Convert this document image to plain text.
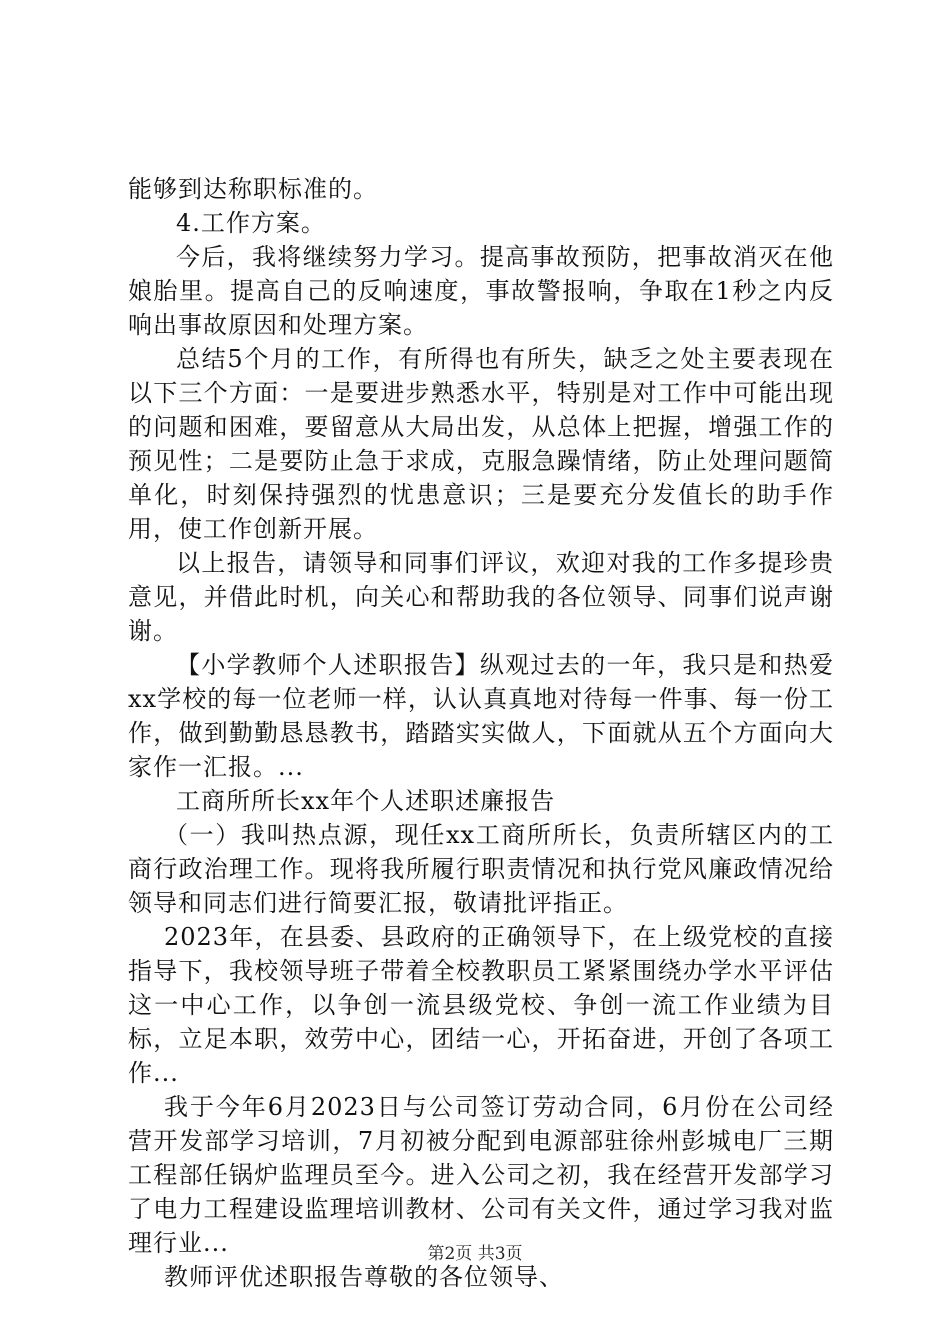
能够到达称职标准的。

4.工作方案。

今后，我将继续努力学习。提高事故预防，把事故消灭在他娘胎里。提高自己的反响速度，事故警报响，争取在1秒之内反响出事故原因和处理方案。

总结5个月的工作，有所得也有所失，缺乏之处主要表现在以下三个方面：一是要进步熟悉水平，特别是对工作中可能出现的问题和困难，要留意从大局出发，从总体上把握，增强工作的预见性；二是要防止急于求成，克服急躁情绪，防止处理问题简单化，时刻保持强烈的忧患意识；三是要充分发值长的助手作用，使工作创新开展。

以上报告，请领导和同事们评议，欢迎对我的工作多提珍贵意见，并借此时机，向关心和帮助我的各位领导、同事们说声谢谢。

【小学教师个人述职报告】纵观过去的一年，我只是和热爱xx学校的每一位老师一样，认认真真地对待每一件事、每一份工作，做到勤勤恳恳教书，踏踏实实做人，下面就从五个方面向大家作一汇报。...

工商所所长xx年个人述职述廉报告

（一）我叫热点源，现任xx工商所所长，负责所辖区内的工商行政治理工作。现将我所履行职责情况和执行党风廉政情况给领导和同志们进行简要汇报，敬请批评指正。

2023年，在县委、县政府的正确领导下，在上级党校的直接指导下，我校领导班子带着全校教职员工紧紧围绕办学水平评估这一中心工作，以争创一流县级党校、争创一流工作业绩为目标，立足本职，效劳中心，团结一心，开拓奋进，开创了各项工作...

我于今年6月2023日与公司签订劳动合同，6月份在公司经营开发部学习培训，7月初被分配到电源部驻徐州彭城电厂三期工程部任锅炉监理员至今。进入公司之初，我在经营开发部学习了电力工程建设监理培训教材、公司有关文件，通过学习我对监理行业...

教师评优述职报告尊敬的各位领导、

第2页 共3页
